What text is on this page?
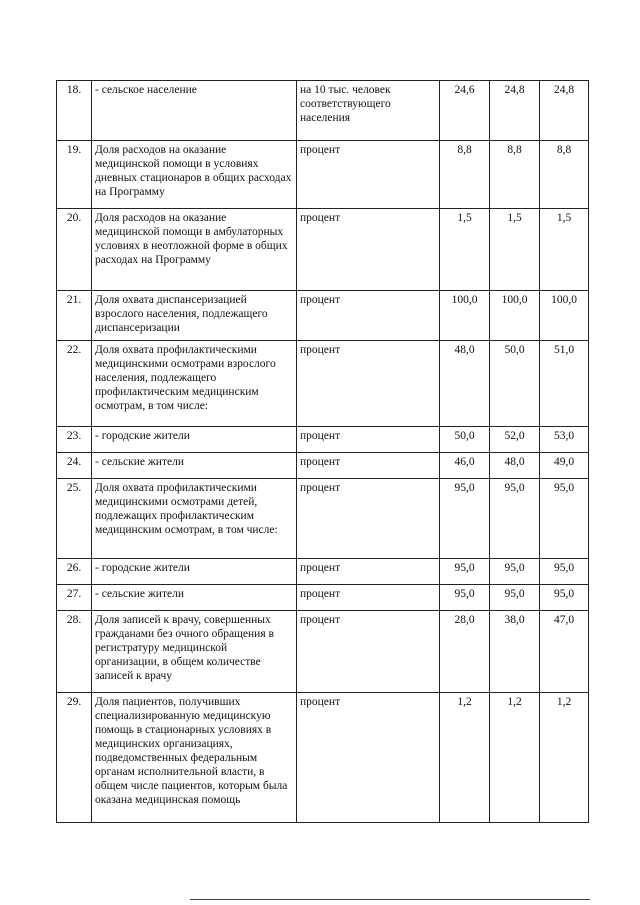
18.	- сельское население	на 10 тыс. человек соответствующего населения	24,6	24,8	24,8
19.	Доля расходов на оказание медицинской помощи в условиях дневных стационаров в общих расходах на Программу	процент	8,8	8,8	8,8
20.	Доля расходов на оказание медицинской помощи в амбулаторных условиях в неотложной форме в общих расходах на Программу	процент	1,5	1,5	1,5
21.	Доля охвата диспансеризацией взрослого населения, подлежащего диспансеризации	процент	100,0	100,0	100,0
22.	Доля охвата профилактическими медицинскими осмотрами взрослого населения, подлежащего профилактическим медицинским осмотрам, в том числе:	процент	48,0	50,0	51,0
23.	- городские жители	процент	50,0	52,0	53,0
24.	- сельские жители	процент	46,0	48,0	49,0
25.	Доля охвата профилактическими медицинскими осмотрами детей, подлежащих профилактическим медицинским осмотрам, в том числе:	процент	95,0	95,0	95,0
26.	- городские жители	процент	95,0	95,0	95,0
27.	- сельские жители	процент	95,0	95,0	95,0
28.	Доля записей к врачу, совершенных гражданами без очного обращения в регистратуру медицинской организации, в общем количестве записей к врачу	процент	28,0	38,0	47,0
29.	Доля пациентов, получивших специализированную медицинскую помощь в стационарных условиях в медицинских организациях, подведомственных федеральным органам исполнительной власти, в общем числе пациентов, которым была оказана медицинская помощь	процент	1,2	1,2	1,2
